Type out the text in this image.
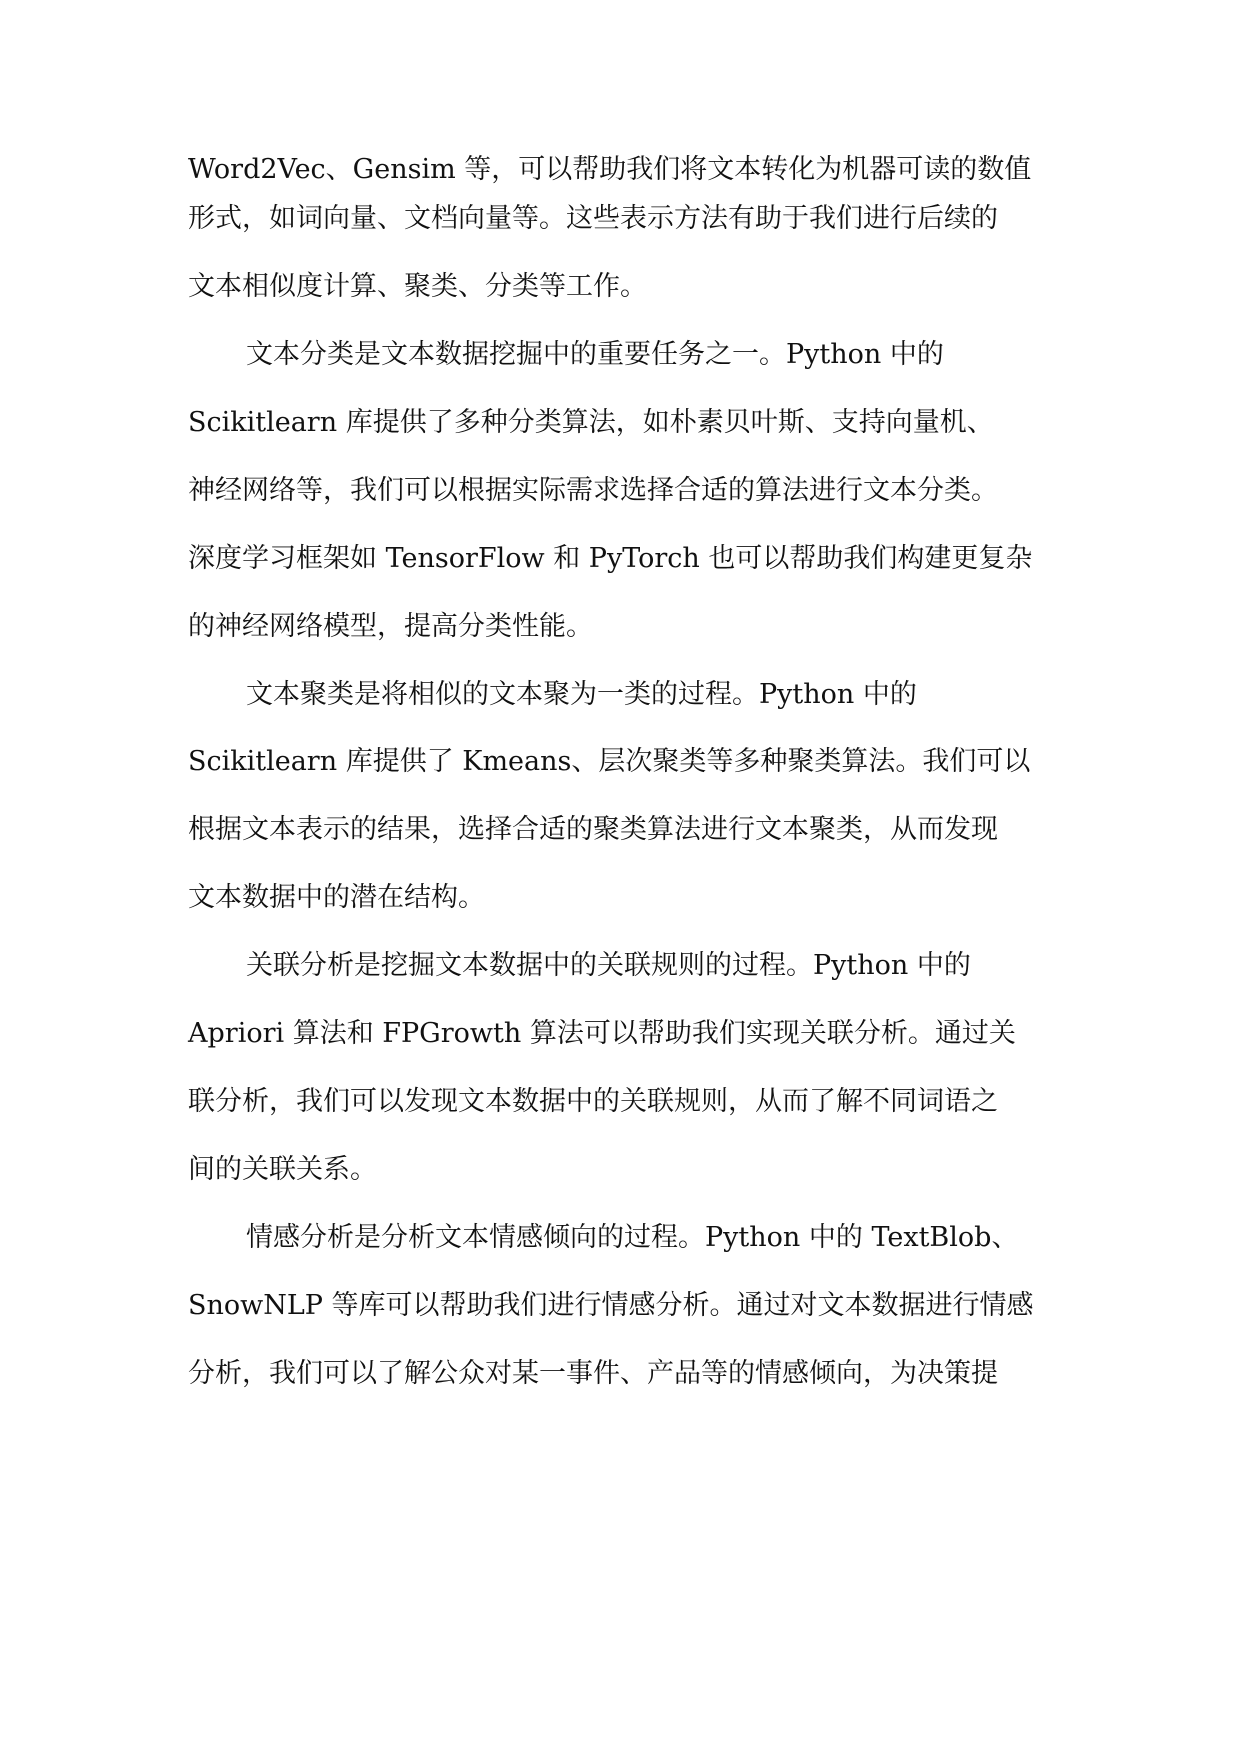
Word2Vec、Gensim 等，可以帮助我们将文本转化为机器可读的数值

形式，如词向量、文档向量等。这些表示方法有助于我们进行后续的

文本相似度计算、聚类、分类等工作。

文本分类是文本数据挖掘中的重要任务之一。Python 中的

Scikitlearn 库提供了多种分类算法，如朴素贝叶斯、支持向量机、

神经网络等，我们可以根据实际需求选择合适的算法进行文本分类。

深度学习框架如 TensorFlow 和 PyTorch 也可以帮助我们构建更复杂

的神经网络模型，提高分类性能。

文本聚类是将相似的文本聚为一类的过程。Python 中的

Scikitlearn 库提供了 Kmeans、层次聚类等多种聚类算法。我们可以

根据文本表示的结果，选择合适的聚类算法进行文本聚类，从而发现

文本数据中的潜在结构。

关联分析是挖掘文本数据中的关联规则的过程。Python 中的

Apriori 算法和 FPGrowth 算法可以帮助我们实现关联分析。通过关

联分析，我们可以发现文本数据中的关联规则，从而了解不同词语之

间的关联关系。

情感分析是分析文本情感倾向的过程。Python 中的 TextBlob、

SnowNLP 等库可以帮助我们进行情感分析。通过对文本数据进行情感

分析，我们可以了解公众对某一事件、产品等的情感倾向，为决策提
